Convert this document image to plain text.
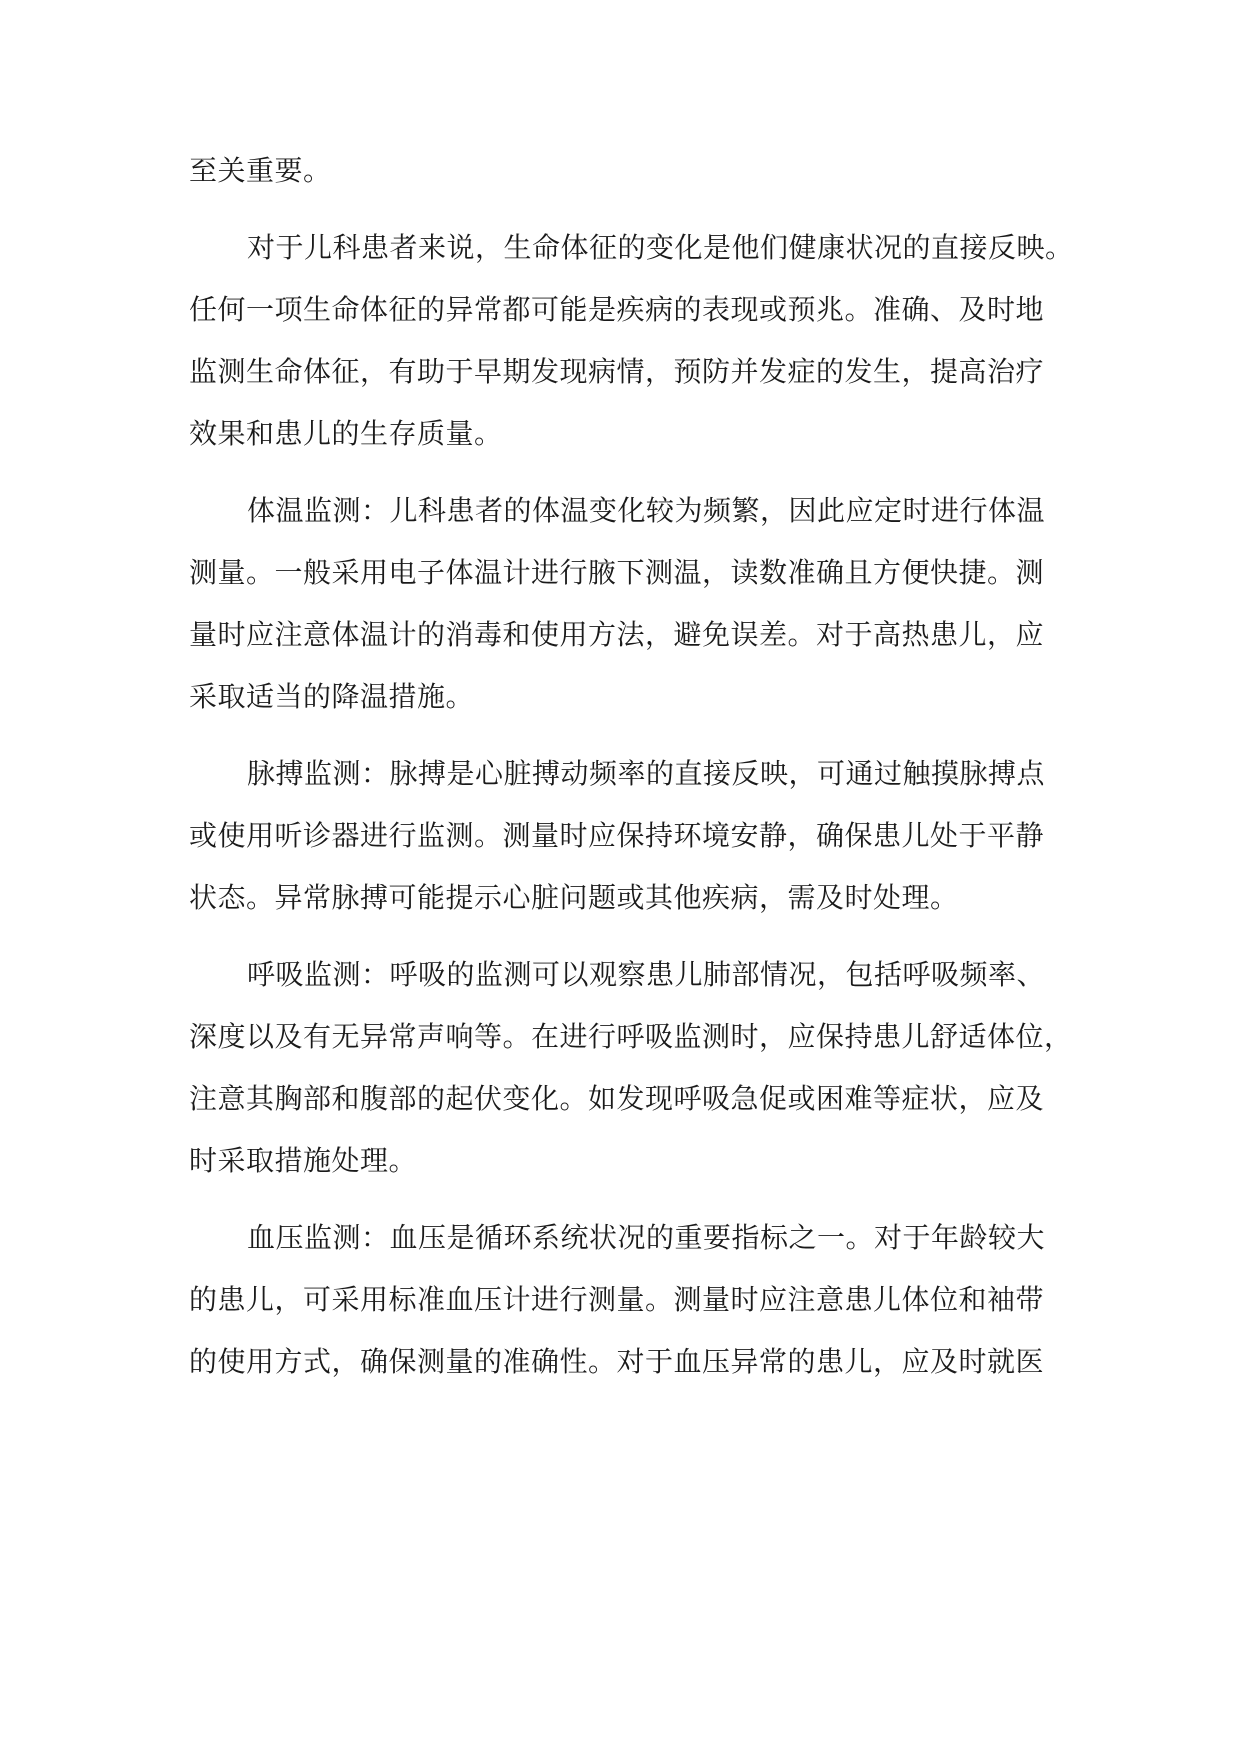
至关重要。
对于儿科患者来说，生命体征的变化是他们健康状况的直接反映。
任何一项生命体征的异常都可能是疾病的表现或预兆。准确、及时地
监测生命体征，有助于早期发现病情，预防并发症的发生，提高治疗
效果和患儿的生存质量。
体温监测：儿科患者的体温变化较为频繁，因此应定时进行体温
测量。一般采用电子体温计进行腋下测温，读数准确且方便快捷。测
量时应注意体温计的消毒和使用方法，避免误差。对于高热患儿，应
采取适当的降温措施。
脉搏监测：脉搏是心脏搏动频率的直接反映，可通过触摸脉搏点
或使用听诊器进行监测。测量时应保持环境安静，确保患儿处于平静
状态。异常脉搏可能提示心脏问题或其他疾病，需及时处理。
呼吸监测：呼吸的监测可以观察患儿肺部情况，包括呼吸频率、
深度以及有无异常声响等。在进行呼吸监测时，应保持患儿舒适体位，
注意其胸部和腹部的起伏变化。如发现呼吸急促或困难等症状，应及
时采取措施处理。
血压监测：血压是循环系统状况的重要指标之一。对于年龄较大
的患儿，可采用标准血压计进行测量。测量时应注意患儿体位和袖带
的使用方式，确保测量的准确性。对于血压异常的患儿，应及时就医
